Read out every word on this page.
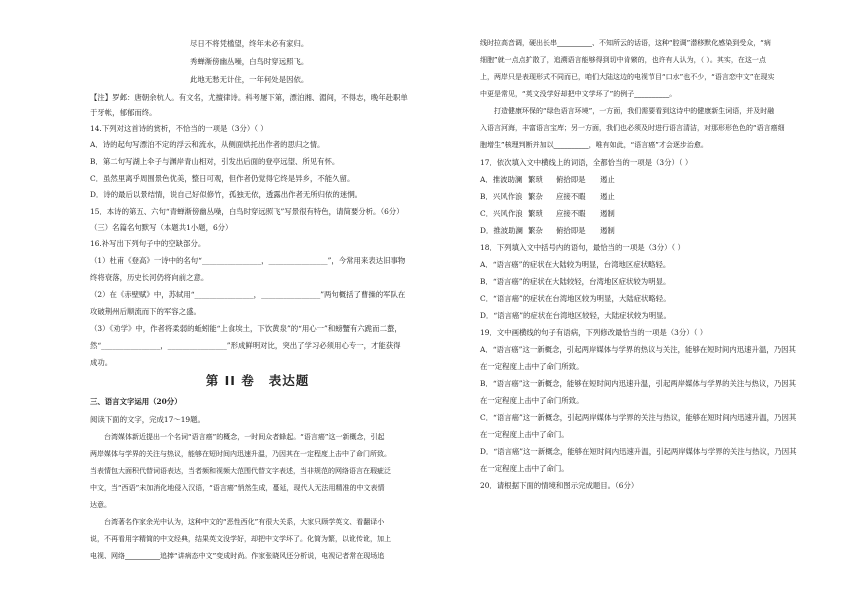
尽日不将凭槛望，终年未必有家归。
秀蝉渐傍幽丛噪，白鸟时穿远照飞。
此地无愁无计住，一年何处是因依。
【注】罗邺：唐朝余杭人。有文名，尤擅律诗。科考屡下第，漂泊湘、湄间，不得志，晚年赴职单
于牙帐，郁郁而终。
14.下列对这首诗的赏析，不恰当的一项是（3分）（ ）
A．诗的起句写漂泊不定的浮云和流水，从侧面烘托出作者的思归之情。
B．第二句写湖上伞子与渊岸青山相对，引发出后面的登亭远望、所见有怀。
C．虽然里离乎周围景色优美，整日可观，但作者仍觉得它终是异乡，不能久留。
D．诗的最后以景结情，说自己好似修竹，孤独无依，透露出作者无所归依的迷惘。
15．本诗的第五、六句“青蝉渐傍幽丛噪，白鸟时穿远照飞”写景很有特色，请简要分析。（6分）
（三）名篇名句默写（本题共1小题，6分）
16.补写出下列句子中的空缺部分。
（1）杜甫《登高》一诗中的名句“________________，________________”，今常用来表达旧事物
终将衰落，历史长河仍将向前之意。
（2）在《赤壁赋》中，苏轼用“________________，________________”两句概括了曹操的军队在
攻破荆州后顺流而下的军容之盛。
（3）《劝学》中，作者将柔弱的蚯蚓能“上食埃土，下饮黄泉”的“用心一”和螃蟹有六跪而二螯，
然“________________，________________”形成鲜明对比，突出了学习必须用心专一，才能获得
成功。
第 II 卷 表达题
三、语言文字运用（20分）
阅读下面的文字，完成17～19题。
台湾媒体新近提出一个名词“语言癌”的概念，一时间众者蜂起。“语言癌”这一新概念，引起
两岸媒体与学界的关注与热议，能够在短时间内迅速升温，乃因其在一定程度上击中了命门所致。
当表情包大面积代替词语表达，当者频和视频大范围代替文字表述，当非规范的网络语言在瑕疵泛
中文，当“西语”未加消化地侵入汉语，“语言癌”悄然生成，蔓延，现代人无法用精准的中文表情
达意。
台湾著名作家余光中认为，这种中文的“恶性西化”有很大关系，大家只顾学英文、看翻译小
说，不再看用字精简的中文经典，结果英文没学好，却把中文学坏了。化简为繁，以讹传讹，加上
电视、网络__________追捧“讲病态中文”变成时尚。作家张晓风还分析说，电视记者常在现场追
线时拉高音调，硬出长串__________、不知所云的话语，这种“腔调”潜移默化感染到受众，“病
细胞”就一点点扩散了，追溯语言能够得到切中肯綮的，也许有人认为，（ ）。其实，在这一点
上，两岸只是表现形式不同而已，咱们大陆这边的电视节目“口水”也不少，“语言恋中文”在现实
中更是常见，“英文没学好却把中文学坏了”的例子__________。
打造健康环保的“绿色语言环境”，一方面，我们需要看到这诗中的健康新生词语，并及时融
入语言河海，丰富语言宝库；另一方面，我们也必须及时进行语言清洁，对那形形色色的“语言癌细
胞增生”核理判断并加以__________，唯有如此，“语言癌”才会逐步治愈。
17．依次填入文中横线上的词语，全都恰当的一项是（3分）（ ）
A．推波助澜 繁琐 俯拾即是 遏止
B．兴风作浪 繁杂 应接不暇 遏止
C．兴风作浪 繁琐 应接不暇 遏制
D．推波助澜 繁杂 俯拾即是 遏制
18．下列填入文中括号内的语句，最恰当的一项是（3分）（ ）
A．“语言癌”的症状在大陆较为明显，台湾地区症状略轻。
B．“语言癌”的症状在大陆较轻，台湾地区症状较为明显。
C．“语言癌”的症状在台湾地区较为明显，大陆症状略轻。
D．“语言癌”的症状在台湾地区较轻，大陆症状较为明显。
19．文中画横线的句子有语病，下列修改最恰当的一项是（3分）（ ）
A．“语言癌”这一新概念，引起两岸媒体与学界的热议与关注，能够在短时间内迅速升温，乃因其
在一定程度上击中了命门所致。
B．“语言癌”这一新概念，能够在短时间内迅速升温，引起两岸媒体与学界的关注与热议，乃因其
在一定程度上击中了命门所致。
C．“语言癌”这一新概念，引起两岸媒体与学界的关注与热议，能够在短时间内迅速升温，乃因其
在一定程度上击中了命门。
D．“语言癌”这一新概念，能够在短时间内迅速升温，引起两岸媒体与学界的关注与热议，乃因其
在一定程度上击中了命门。
20．请根据下面的情境和图示完成题目。（6分）
